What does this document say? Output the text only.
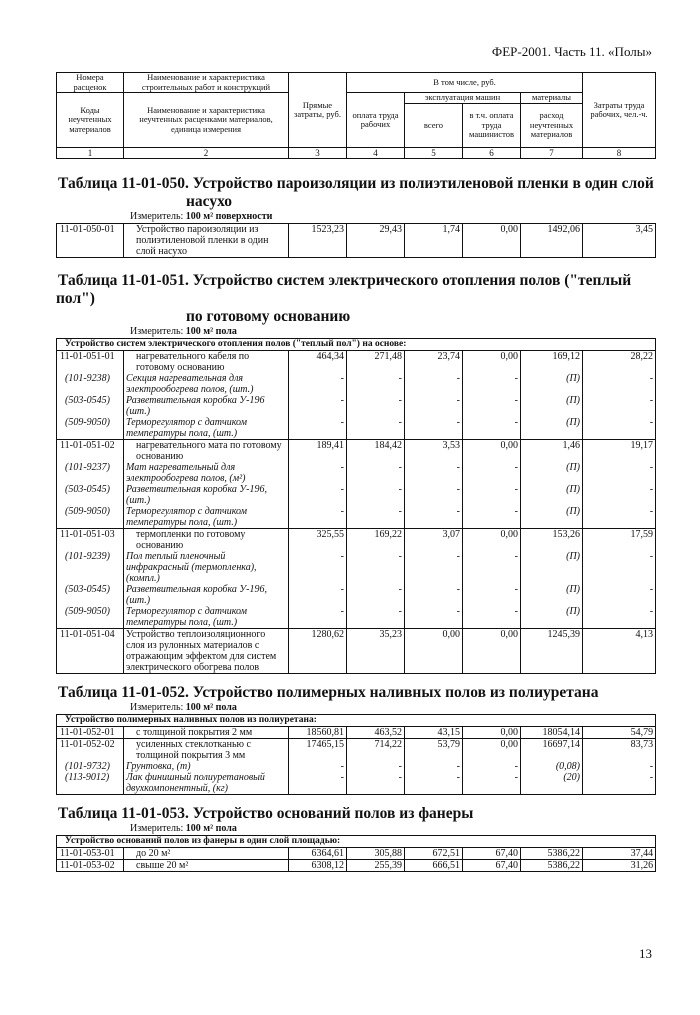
ФЕР-2001. Часть 11. «Полы»
Номера расценок	Наименование и характеристика строительных работ и конструкций	Прямые затраты, руб.	В том числе, руб.				Затраты труда рабочих, чел.-ч.
Коды неучтенных материалов	Наименование и характеристика неучтенных расценками материалов, единица измерения		оплата труда рабочих	эксплуатация машин		материалы	
				всего	в т.ч. оплата труда машинистов	расход неучтенных материалов	
1	2	3	4	5	6	7	8
Таблица 11-01-050. Устройство пароизоляции из полиэтиленовой пленки в один слой
насухо
Измеритель: 100 м² поверхности
11-01-050-01	Устройство пароизоляции из полиэтиленовой пленки в один слой насухо	1523,23	29,43	1,74	0,00	1492,06	3,45
Таблица 11-01-051. Устройство систем электрического отопления полов ("теплый пол")
по готовому основанию
Измеритель: 100 м² пола
Устройство систем электрического отопления полов ("теплый пол") на основе:							
11-01-051-01	нагревательного кабеля по готовому основанию	464,34	271,48	23,74	0,00	169,12	28,22
(101-9238)	Секция нагревательная для электрообогрева полов, (шт.)	-	-	-	-	(П)	-
(503-0545)	Разветвительная коробка У-196 (шт.)	-	-	-	-	(П)	-
(509-9050)	Терморегулятор с датчиком температуры пола, (шт.)	-	-	-	-	(П)	-
11-01-051-02	нагревательного мата по готовому основанию	189,41	184,42	3,53	0,00	1,46	19,17
(101-9237)	Мат нагревательный для электрообогрева полов, (м²)	-	-	-	-	(П)	-
(503-0545)	Разветвительная коробка У-196, (шт.)	-	-	-	-	(П)	-
(509-9050)	Терморегулятор с датчиком температуры пола, (шт.)	-	-	-	-	(П)	-
11-01-051-03	термопленки по готовому основанию	325,55	169,22	3,07	0,00	153,26	17,59
(101-9239)	Пол теплый пленочный инфракрасный (термопленка), (компл.)	-	-	-	-	(П)	-
(503-0545)	Разветвительная коробка У-196, (шт.)	-	-	-	-	(П)	-
(509-9050)	Терморегулятор с датчиком температуры пола, (шт.)	-	-	-	-	(П)	-
11-01-051-04	Устройство теплоизоляционного слоя из рулонных материалов с отражающим эффектом для систем электрического обогрева полов	1280,62	35,23	0,00	0,00	1245,39	4,13
Таблица 11-01-052. Устройство полимерных наливных полов из полиуретана
Измеритель: 100 м² пола
Устройство полимерных наливных полов из полиуретана:							
11-01-052-01	с толщиной покрытия 2 мм	18560,81	463,52	43,15	0,00	18054,14	54,79
11-01-052-02	усиленных стеклотканью с толщиной покрытия 3 мм	17465,15	714,22	53,79	0,00	16697,14	83,73
(101-9732)	Грунтовка, (т)	-	-	-	-	(0,08)	-
(113-9012)	Лак финишный полиуретановый двухкомпонентный, (кг)	-	-	-	-	(20)	-
Таблица 11-01-053. Устройство оснований полов из фанеры
Измеритель: 100 м² пола
Устройство оснований полов из фанеры в один слой площадью:							
11-01-053-01	до 20 м²	6364,61	305,88	672,51	67,40	5386,22	37,44
11-01-053-02	свыше 20 м²	6308,12	255,39	666,51	67,40	5386,22	31,26
13
